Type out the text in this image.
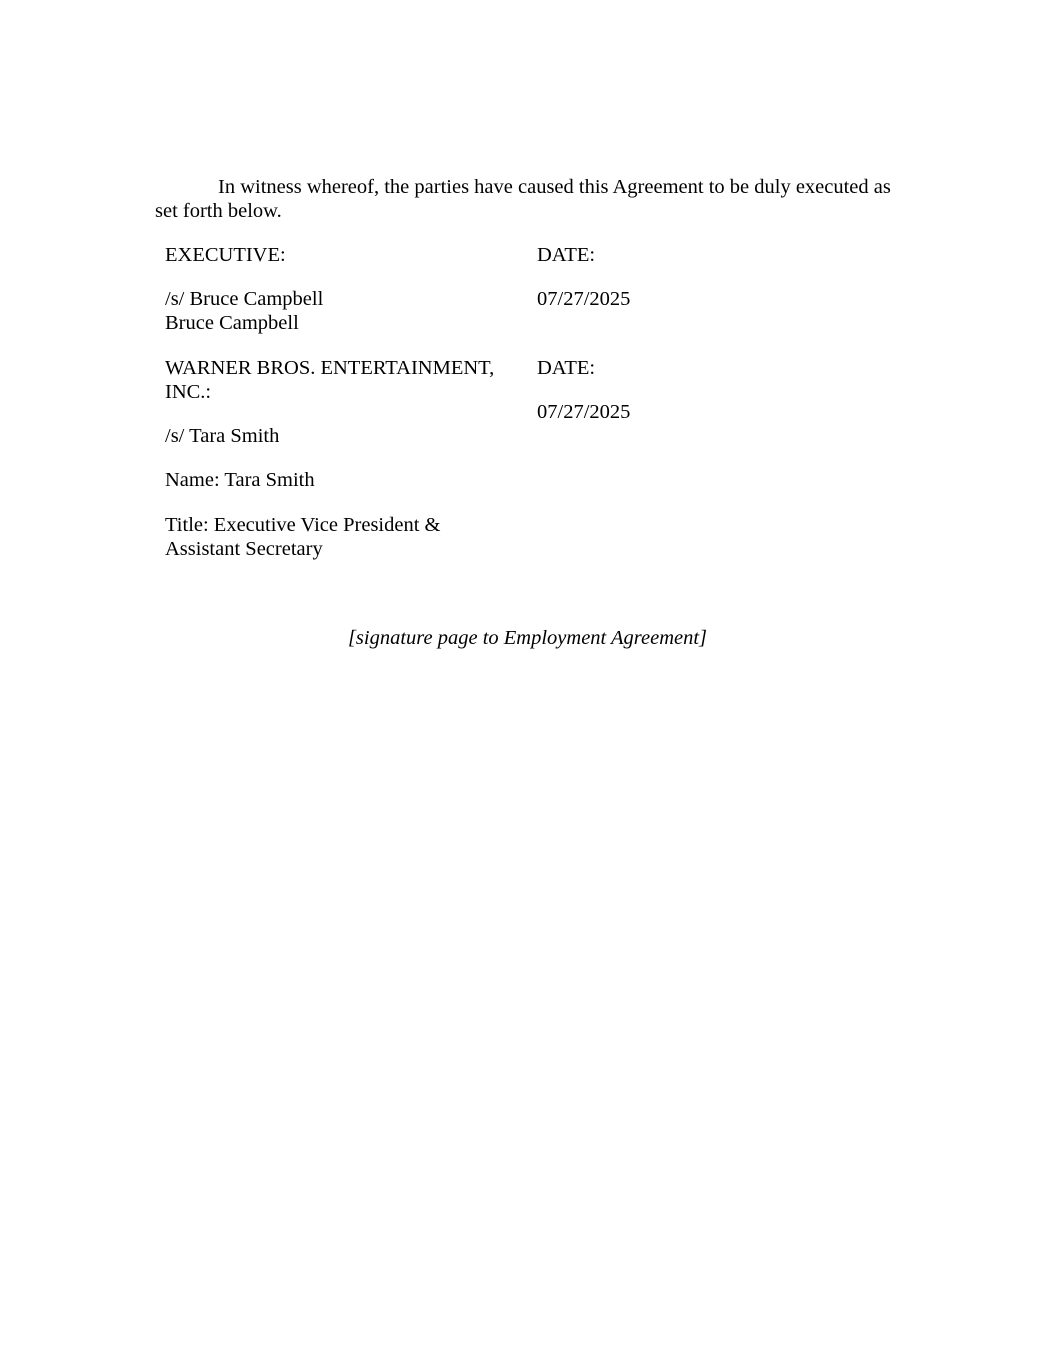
In witness whereof, the parties have caused this Agreement to be duly executed as

set forth below.

EXECUTIVE:

/s/ Bruce Campbell

Bruce Campbell

DATE:

07/27/2025

WARNER BROS. ENTERTAINMENT,

INC.:

/s/ Tara Smith

Name: Tara Smith

Title: Executive Vice President &

Assistant Secretary

DATE:

07/27/2025

[signature page to Employment Agreement]
